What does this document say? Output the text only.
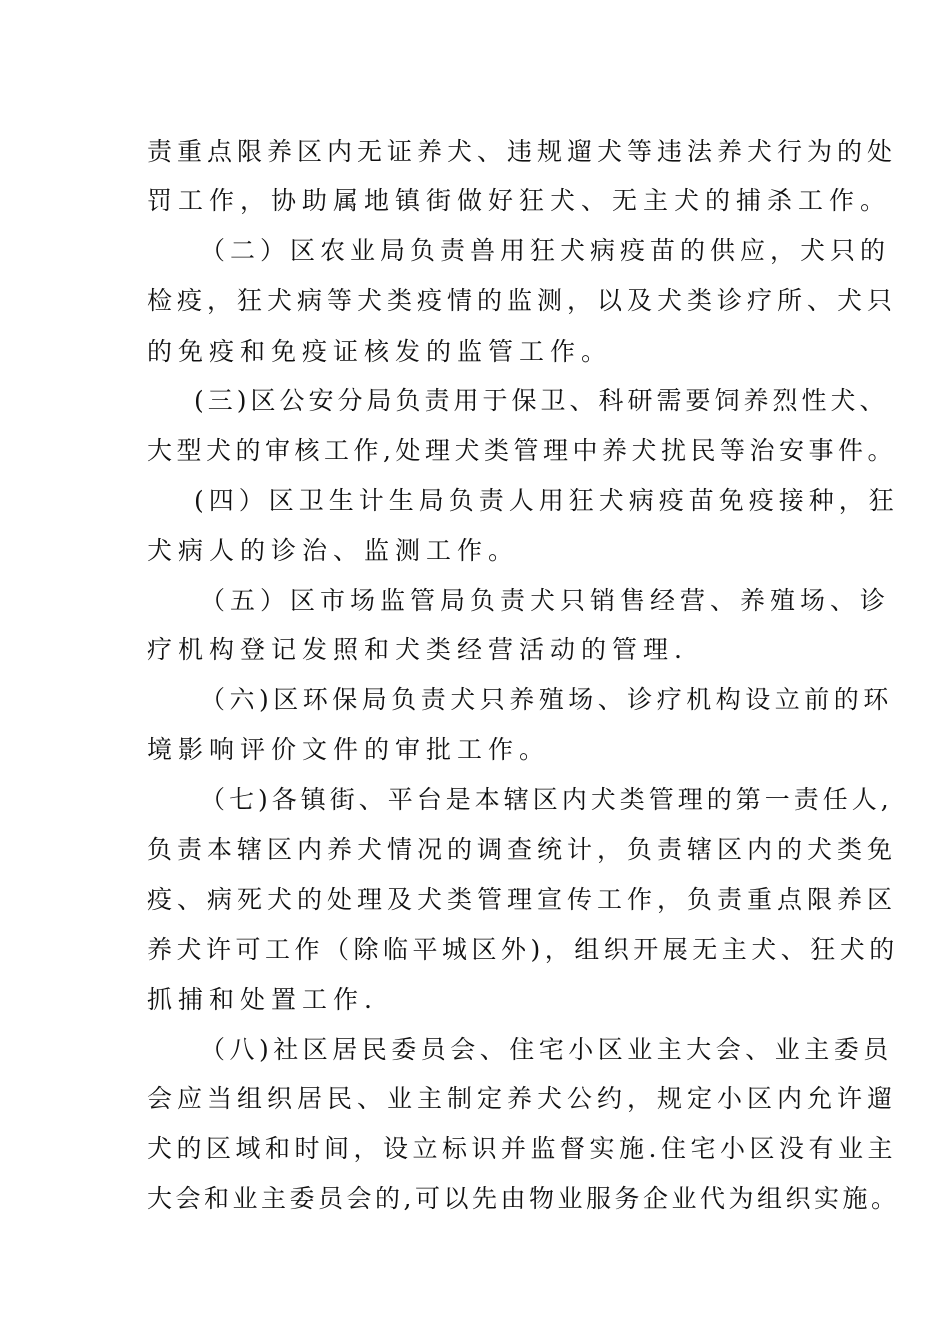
责重点限养区内无证养犬、违规遛犬等违法养犬行为的处
罚工作，协助属地镇街做好狂犬、无主犬的捕杀工作。
（二）区农业局负责兽用狂犬病疫苗的供应，犬只的
检疫，狂犬病等犬类疫情的监测，以及犬类诊疗所、犬只
的免疫和免疫证核发的监管工作。
(三)区公安分局负责用于保卫、科研需要饲养烈性犬、
大型犬的审核工作,处理犬类管理中养犬扰民等治安事件。
(四）区卫生计生局负责人用狂犬病疫苗免疫接种，狂
犬病人的诊治、监测工作。
（五）区市场监管局负责犬只销售经营、养殖场、诊
疗机构登记发照和犬类经营活动的管理.
（六)区环保局负责犬只养殖场、诊疗机构设立前的环
境影响评价文件的审批工作。
（七)各镇街、平台是本辖区内犬类管理的第一责任人,
负责本辖区内养犬情况的调查统计，负责辖区内的犬类免
疫、病死犬的处理及犬类管理宣传工作，负责重点限养区
养犬许可工作（除临平城区外)，组织开展无主犬、狂犬的
抓捕和处置工作.
（八)社区居民委员会、住宅小区业主大会、业主委员
会应当组织居民、业主制定养犬公约，规定小区内允许遛
犬的区域和时间，设立标识并监督实施.住宅小区没有业主
大会和业主委员会的,可以先由物业服务企业代为组织实施。
